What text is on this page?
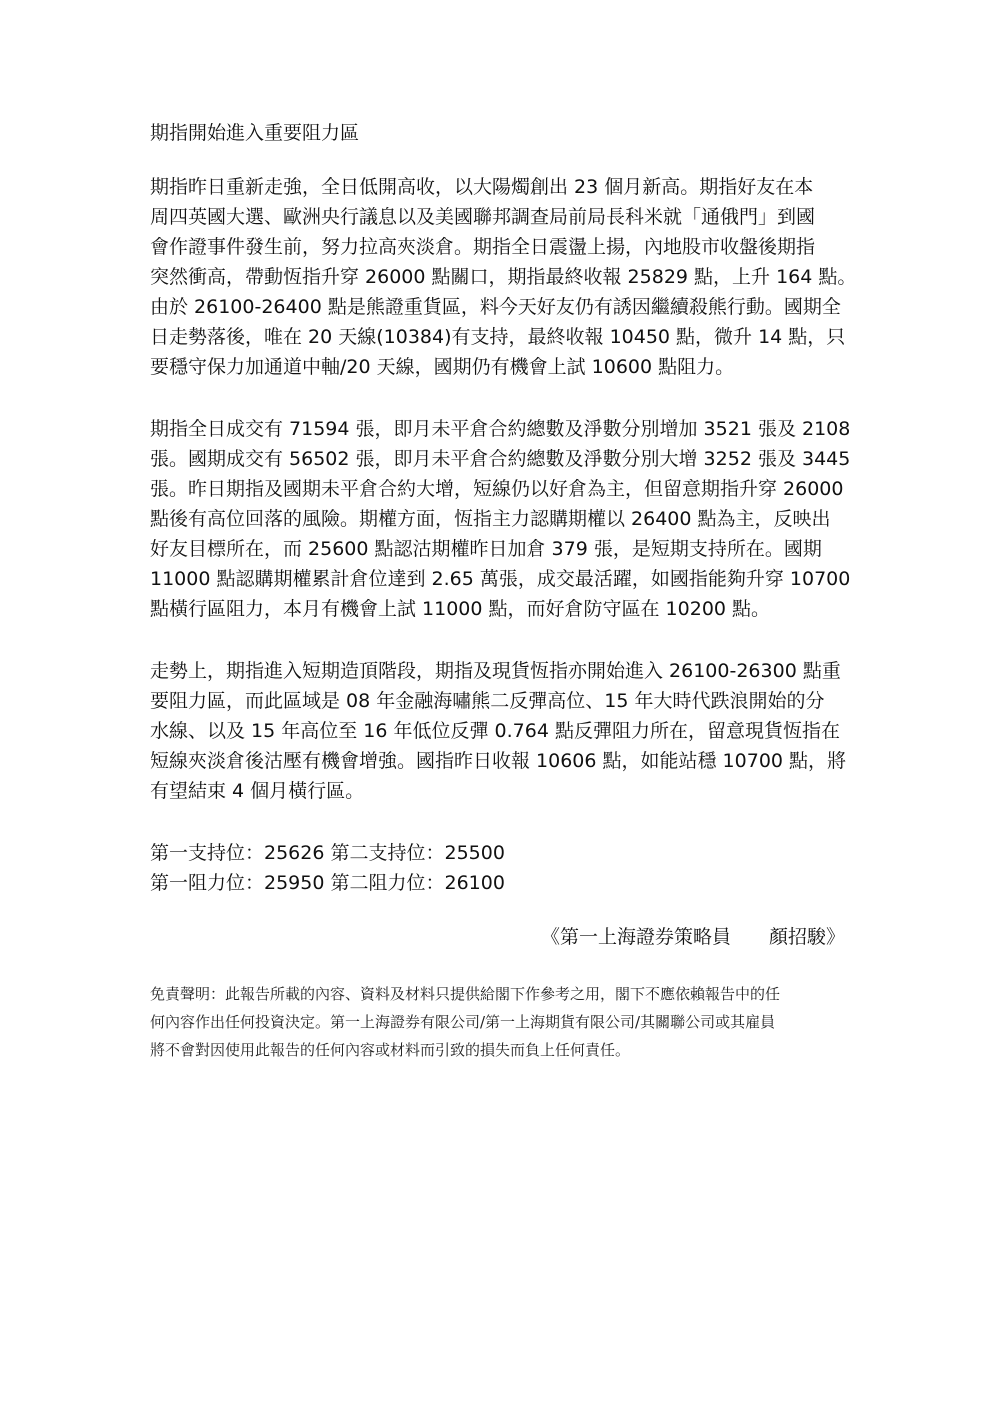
期指開始進入重要阻力區
期指昨日重新走強，全日低開高收，以大陽燭創出 23 個月新高。期指好友在本
周四英國大選、歐洲央行議息以及美國聯邦調查局前局長科米就「通俄門」到國
會作證事件發生前，努力拉高夾淡倉。期指全日震盪上揚，內地股市收盤後期指
突然衝高，帶動恆指升穿 26000 點關口，期指最終收報 25829 點，上升 164 點。
由於 26100-26400 點是熊證重貨區，料今天好友仍有誘因繼續殺熊行動。國期全
日走勢落後，唯在 20 天線(10384)有支持，最終收報 10450 點，微升 14 點，只
要穩守保力加通道中軸/20 天線，國期仍有機會上試 10600 點阻力。
期指全日成交有 71594 張，即月未平倉合約總數及淨數分別增加 3521 張及 2108
張。國期成交有 56502 張，即月未平倉合約總數及淨數分別大增 3252 張及 3445
張。昨日期指及國期未平倉合約大增，短線仍以好倉為主，但留意期指升穿 26000
點後有高位回落的風險。期權方面，恆指主力認購期權以 26400 點為主，反映出
好友目標所在，而 25600 點認沽期權昨日加倉 379 張，是短期支持所在。國期
11000 點認購期權累計倉位達到 2.65 萬張，成交最活躍，如國指能夠升穿 10700
點橫行區阻力，本月有機會上試 11000 點，而好倉防守區在 10200 點。
走勢上，期指進入短期造頂階段，期指及現貨恆指亦開始進入 26100-26300 點重
要阻力區，而此區域是 08 年金融海嘯熊二反彈高位、15 年大時代跌浪開始的分
水線、以及 15 年高位至 16 年低位反彈 0.764 點反彈阻力所在，留意現貨恆指在
短線夾淡倉後沽壓有機會增強。國指昨日收報 10606 點，如能站穩 10700 點，將
有望結束 4 個月橫行區。
第一支持位：25626 第二支持位：25500
第一阻力位：25950 第二阻力位：26100
《第一上海證券策略員　　顏招駿》
免責聲明：此報告所載的內容、資料及材料只提供給閣下作參考之用，閣下不應依賴報告中的任
何內容作出任何投資決定。第一上海證券有限公司/第一上海期貨有限公司/其關聯公司或其雇員
將不會對因使用此報告的任何內容或材料而引致的損失而負上任何責任。
